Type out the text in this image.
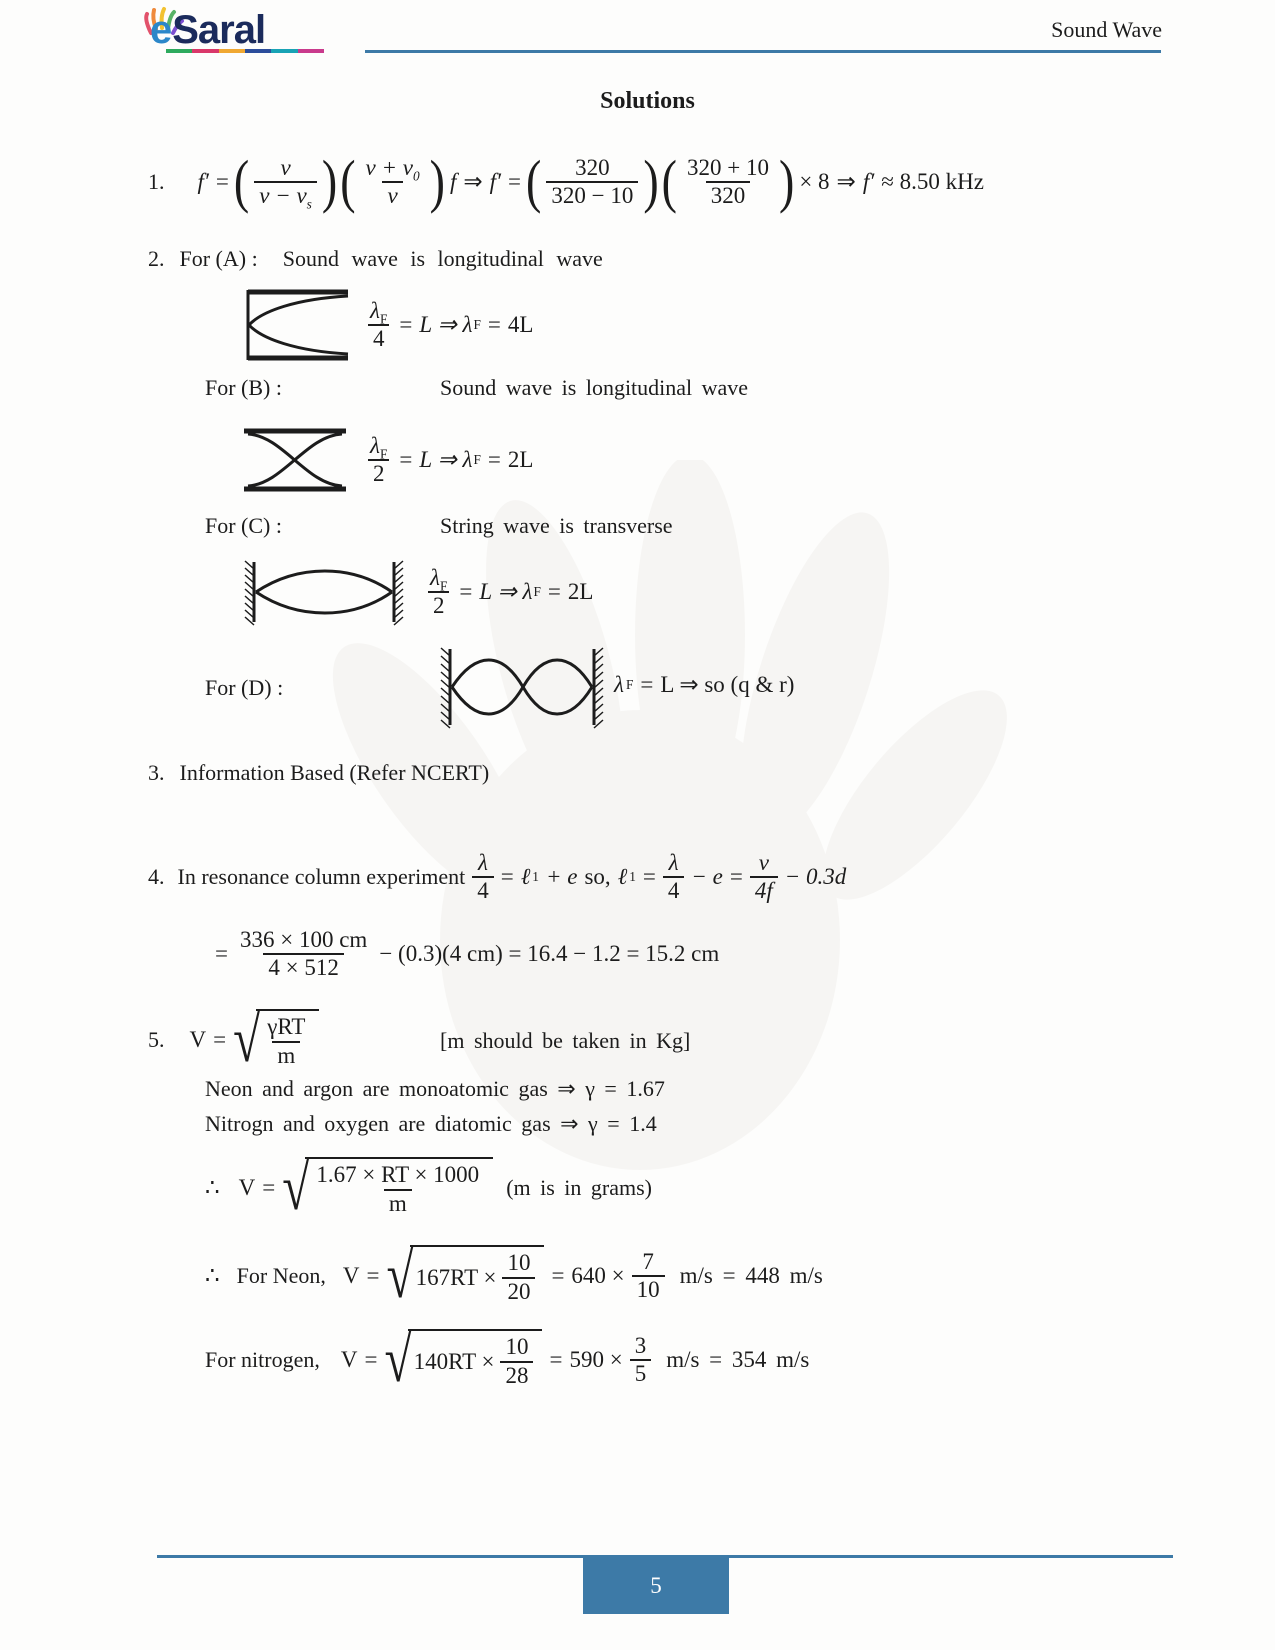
eSaral	Sound Wave
Solutions
1. f′ = ( $\frac{v}{v - v_s}$ ) ( $\frac{v + v_0}{v}$ ) f ⇒ f′ = ( $\frac{320}{320 - 10}$ ) ( $\frac{320 + 10}{320}$ ) × 8 ⇒ f′ ≈ 8.50 kHz
2. For (A) : Sound wave is longitudinal wave
$\frac{\lambda_F}{4} = L$ ⇒ λ F = 4L
For (B) :	Sound wave is longitudinal wave
$\frac{\lambda_F}{2} = L$ ⇒ λ F = 2L
For (C) :	String wave is transverse
$\frac{\lambda_F}{2} = L$ ⇒ λ F = 2L
For (D) :	λ F = L ⇒ so (q & r)
3. Information Based (Refer NCERT)
4. In resonance column experiment $\frac{\lambda}{4}$ = ℓ 1 + e so, ℓ $1 = \frac{\lambda}{4} - e = \frac{v}{4f} - 0.3d$
= $\frac{336 \times 100 cm}{4 \times 512} - (0.3)(4$ cm) = 16.4 − 1.2 = 15.2 cm
5. V = √ $\frac{\text{γRT}}{m}$	[m should be taken in Kg]
Neon and argon are monoatomic gas ⇒ γ = 1.67
Nitrogn and oxygen are diatomic gas ⇒ γ = 1.4
∴ V = √ $\frac{1.67 \times RT \times 1000}{m} (m$ is in grams)
∴ For Neon, V = √ $167RT \times \frac{10}{20} = 640 \times \frac{7}{10} m/s = 448$ m/s
For nitrogen, V = √ $140RT \times \frac{10}{28} = 590 \times \frac{3}{5} m/s = 354$ m/s
5
